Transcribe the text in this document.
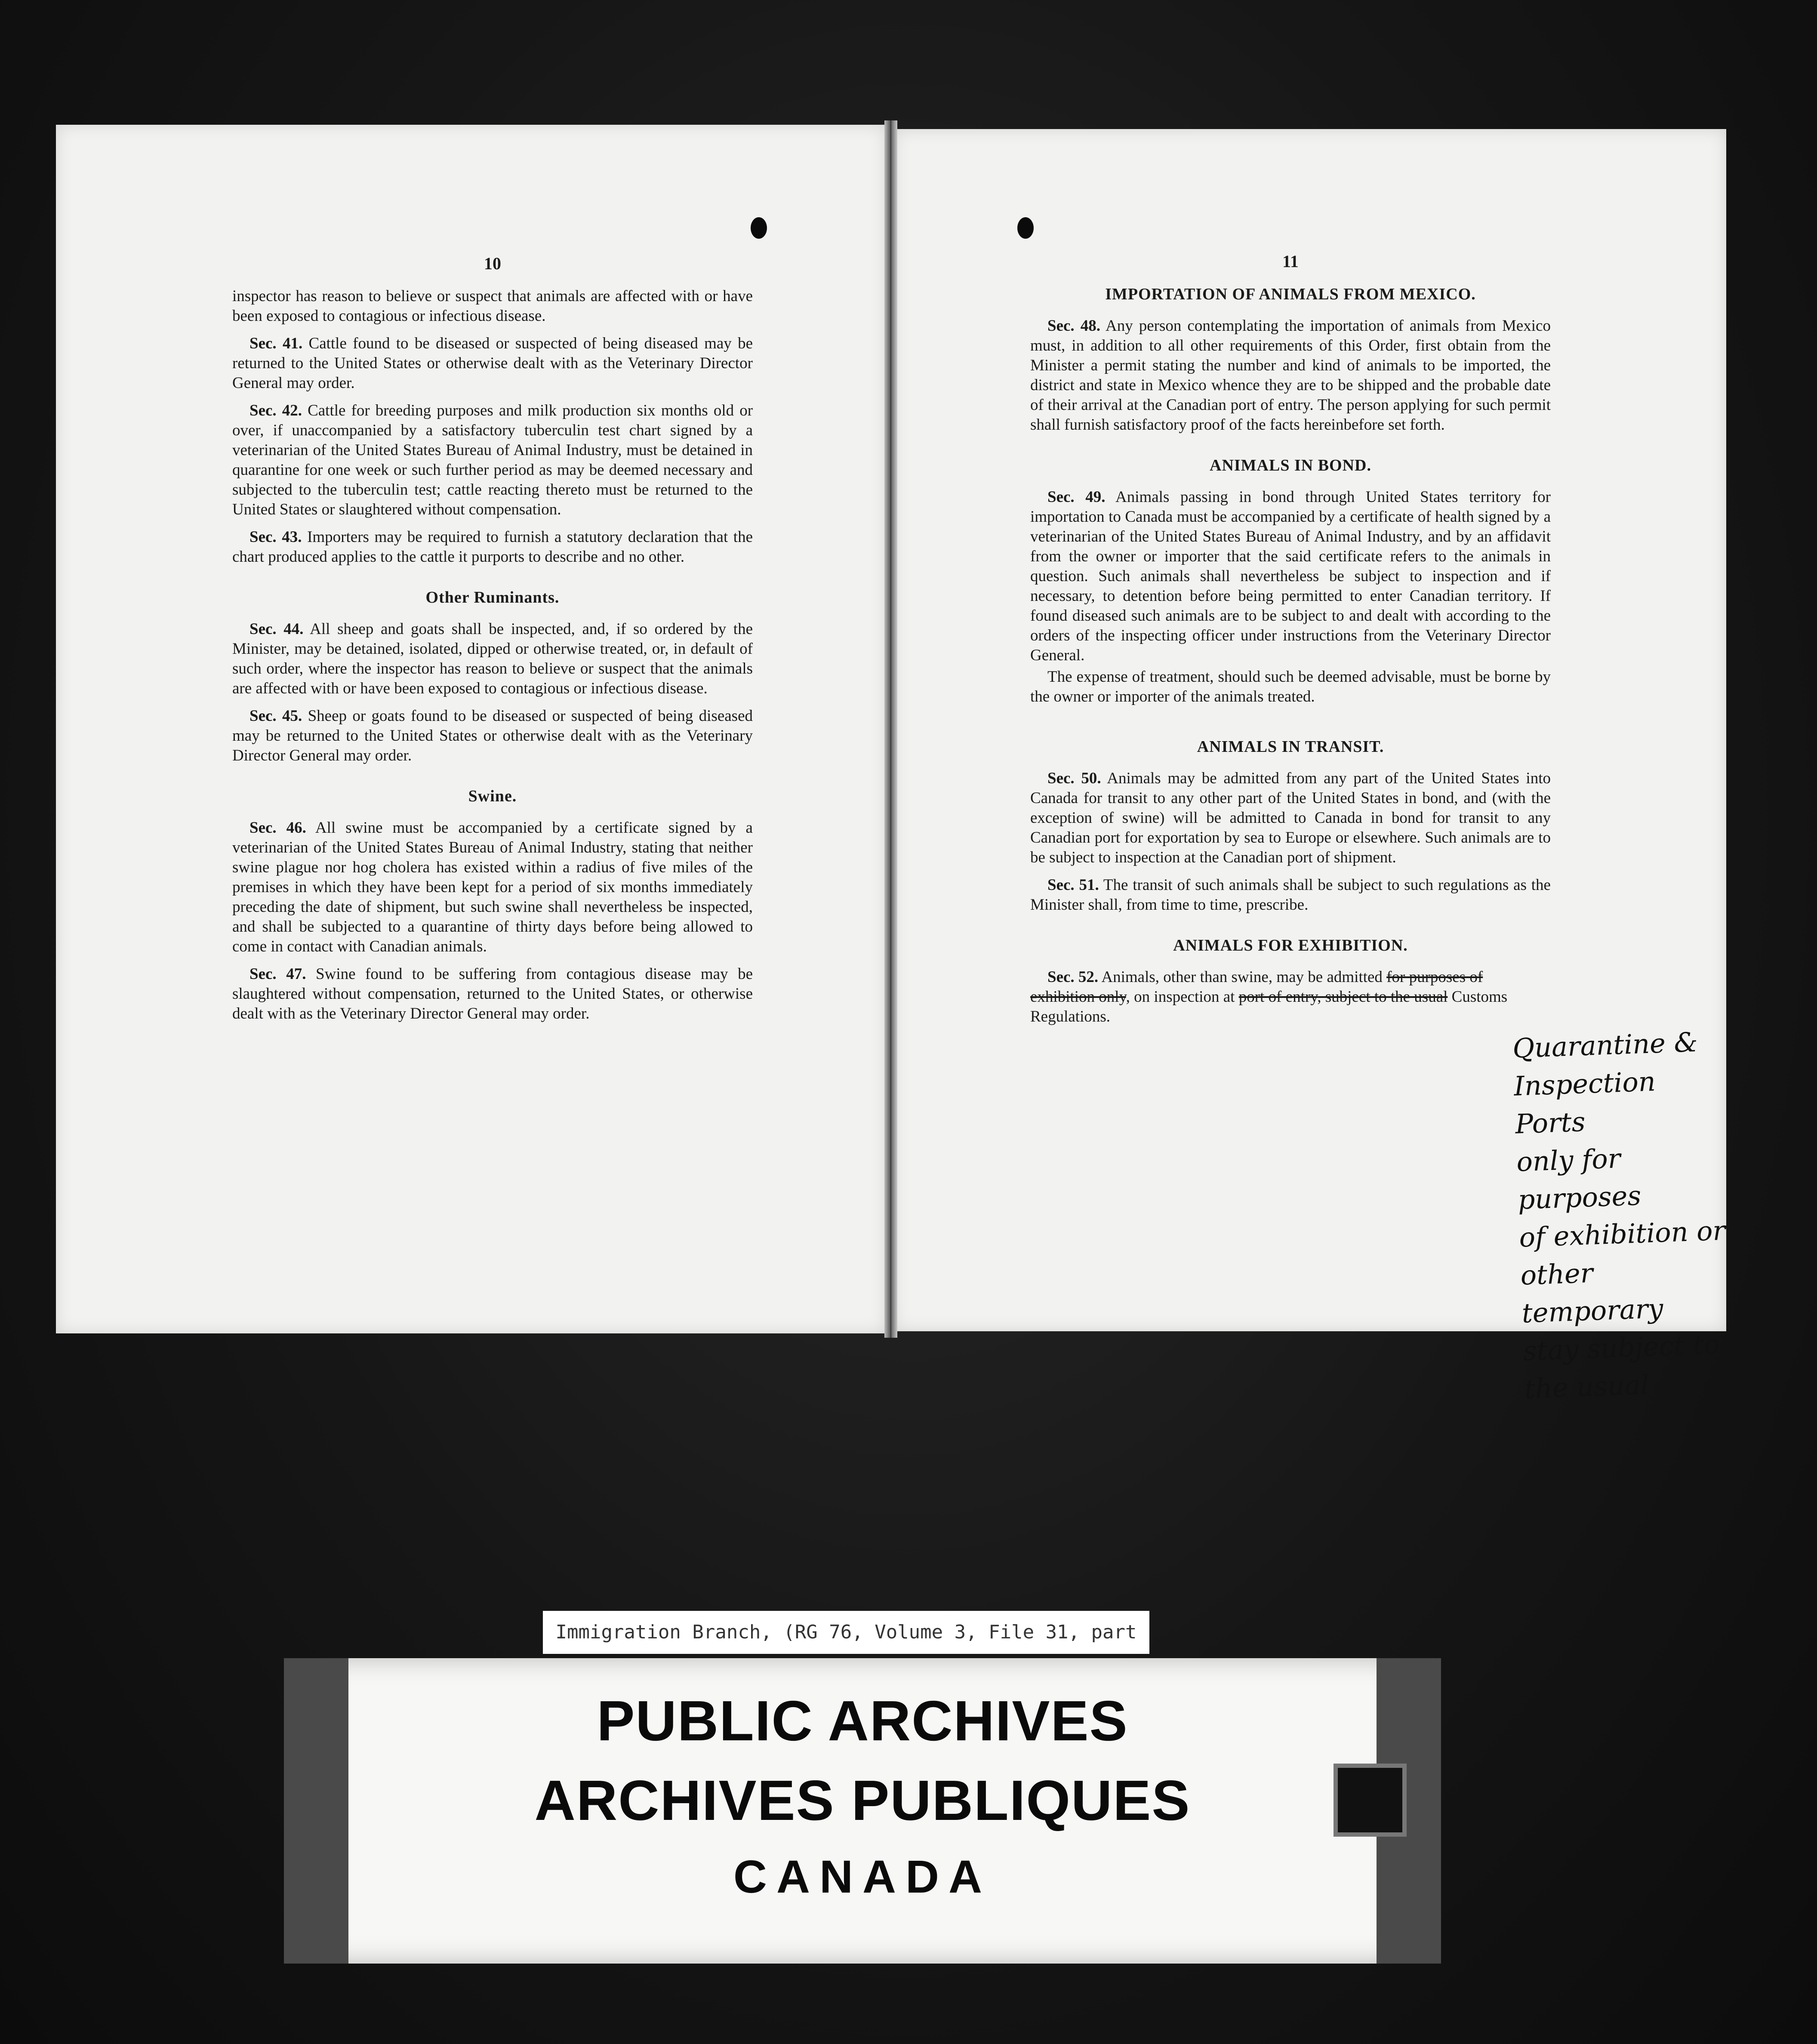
10

inspector has reason to believe or suspect that animals are affected with or have been exposed to contagious or infectious disease.

Sec. 41. Cattle found to be diseased or suspected of being diseased may be returned to the United States or otherwise dealt with as the Veterinary Director General may order.

Sec. 42. Cattle for breeding purposes and milk production six months old or over, if unaccompanied by a satisfactory tuberculin test chart signed by a veterinarian of the United States Bureau of Animal Industry, must be detained in quarantine for one week or such further period as may be deemed necessary and subjected to the tuberculin test; cattle reacting thereto must be returned to the United States or slaughtered without compensation.

Sec. 43. Importers may be required to furnish a statutory declaration that the chart produced applies to the cattle it purports to describe and no other.

Other Ruminants.

Sec. 44. All sheep and goats shall be inspected, and, if so ordered by the Minister, may be detained, isolated, dipped or otherwise treated, or, in default of such order, where the inspector has reason to believe or suspect that the animals are affected with or have been exposed to contagious or infectious disease.

Sec. 45. Sheep or goats found to be diseased or suspected of being diseased may be returned to the United States or otherwise dealt with as the Veterinary Director General may order.

Swine.

Sec. 46. All swine must be accompanied by a certificate signed by a veterinarian of the United States Bureau of Animal Industry, stating that neither swine plague nor hog cholera has existed within a radius of five miles of the premises in which they have been kept for a period of six months immediately preceding the date of shipment, but such swine shall nevertheless be inspected, and shall be subjected to a quarantine of thirty days before being allowed to come in contact with Canadian animals.

Sec. 47. Swine found to be suffering from contagious disease may be slaughtered without compensation, returned to the United States, or otherwise dealt with as the Veterinary Director General may order.

11
IMPORTATION OF ANIMALS FROM MEXICO.

Sec. 48. Any person contemplating the importation of animals from Mexico must, in addition to all other requirements of this Order, first obtain from the Minister a permit stating the number and kind of animals to be imported, the district and state in Mexico whence they are to be shipped and the probable date of their arrival at the Canadian port of entry. The person applying for such permit shall furnish satisfactory proof of the facts hereinbefore set forth.

ANIMALS IN BOND.

Sec. 49. Animals passing in bond through United States territory for importation to Canada must be accompanied by a certificate of health signed by a veterinarian of the United States Bureau of Animal Industry, and by an affidavit from the owner or importer that the said certificate refers to the animals in question. Such animals shall nevertheless be subject to inspection and if necessary, to detention before being permitted to enter Canadian territory. If found diseased such animals are to be subject to and dealt with according to the orders of the inspecting officer under instructions from the Veterinary Director General.

The expense of treatment, should such be deemed advisable, must be borne by the owner or importer of the animals treated.

ANIMALS IN TRANSIT.

Sec. 50. Animals may be admitted from any part of the United States into Canada for transit to any other part of the United States in bond, and (with the exception of swine) will be admitted to Canada in bond for transit to any Canadian port for exportation by sea to Europe or elsewhere. Such animals are to be subject to inspection at the Canadian port of shipment.

Sec. 51. The transit of such animals shall be subject to such regulations as the Minister shall, from time to time, prescribe.

ANIMALS FOR EXHIBITION.

Sec. 52. Animals, other than swine, may be admitted for purposes of exhibition only, on inspection at port of entry, subject to the usual Customs Regulations.

Quarantine &
Inspection Ports
only for purposes
of exhibition or
other temporary
stay subject to
the usual
Immigration Branch, (RG 76, Volume 3, File 31, part
PUBLIC ARCHIVES
ARCHIVES PUBLIQUES
CANADA
